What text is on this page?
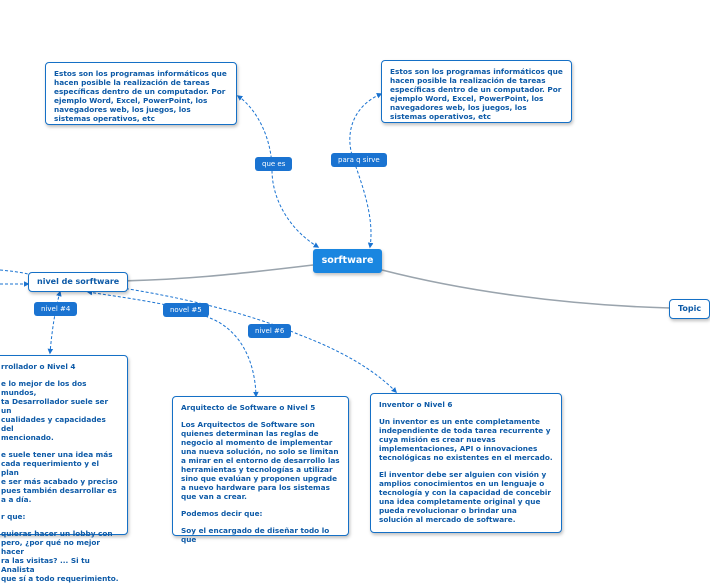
Estos son los programas informáticos que hacen posible la realización de tareas específicas dentro de un computador. Por ejemplo Word, Excel, PowerPoint, los navegadores web, los juegos, los sistemas operativos, etc

Estos son los programas informáticos que hacen posible la realización de tareas específicas dentro de un computador. Por ejemplo Word, Excel, PowerPoint, los navegadores web, los juegos, los sistemas operativos, etc

que es	para q sirve
sorftware
nivel de sorftware
Topic
nivel #4	novel #5
nivel #6

rrollador o Nivel 4

e lo mejor de los dos mundos,
ta Desarrollador suele ser un
cualidades y capacidades del
mencionado.

e suele tener una idea más
cada requerimiento y el plan
e ser más acabado y preciso
pues también desarrollar es
a a día.

r que:

quieras hacer un lobby con
pero, ¿por qué no mejor hacer
ra las visitas? ... Si tu Analista
que sí a todo requerimiento.

Arquitecto de Software o Nivel 5

Los Arquitectos de Software son quienes determinan las reglas de negocio al momento de implementar una nueva solución, no solo se limitan a mirar en el entorno de desarrollo las herramientas y tecnologías a utilizar sino que evalúan y proponen upgrade a nuevo hardware para los sistemas que van a crear.

Podemos decir que:

Soy el encargado de diseñar todo lo que

Inventor o Nivel 6

Un inventor es un ente completamente independiente de toda tarea recurrente y cuya misión es crear nuevas implementaciones, API o innovaciones tecnológicas no existentes en el mercado.

El inventor debe ser alguien con visión y amplios conocimientos en un lenguaje o tecnología y con la capacidad de concebir una idea completamente original y que pueda revolucionar o brindar una solución al mercado de software.
